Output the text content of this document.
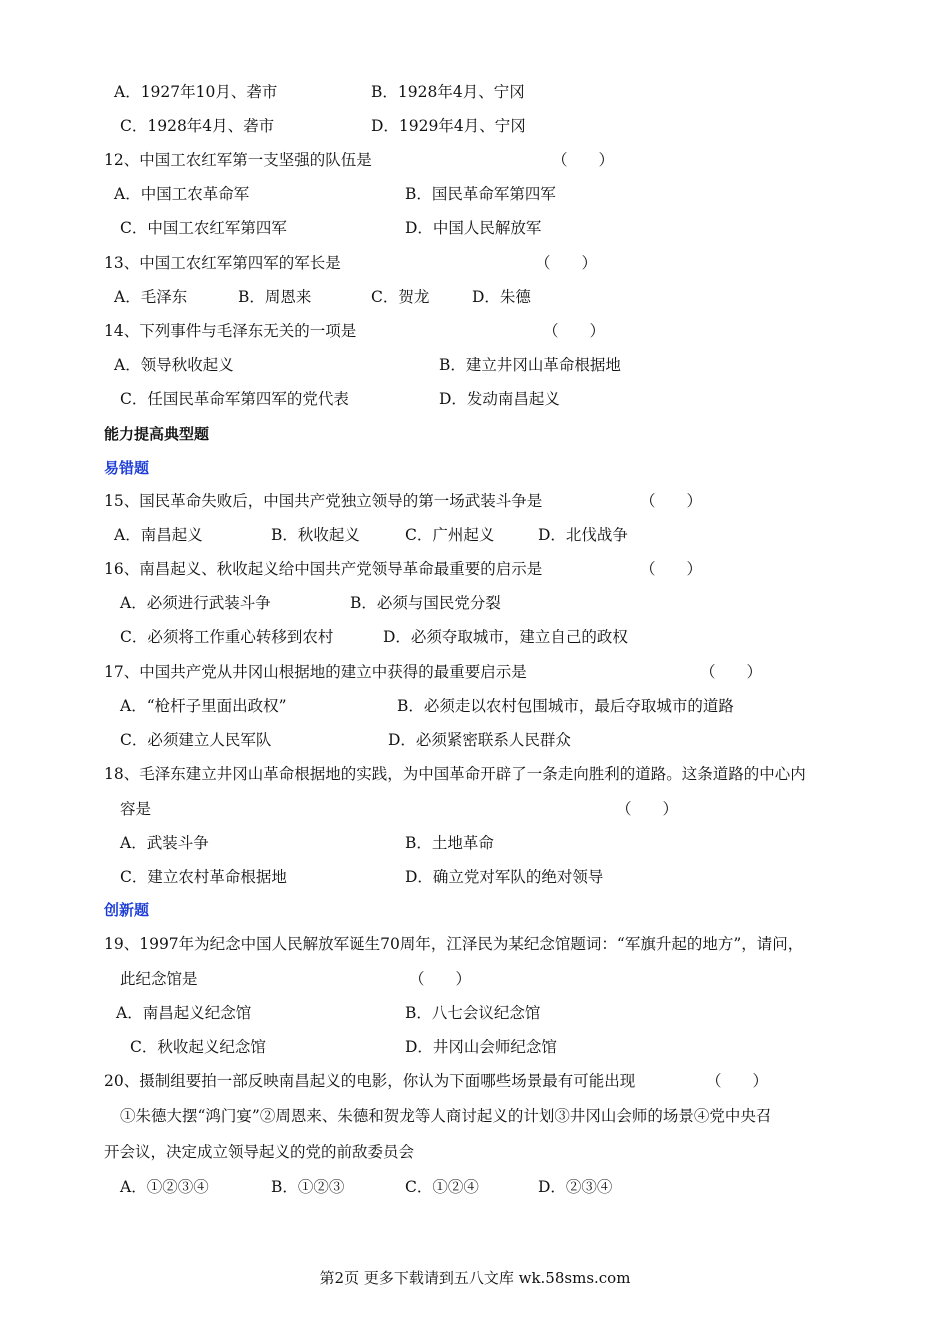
A．1927年10月、砻市	B．1928年4月、宁冈
C．1928年4月、砻市	D．1929年4月、宁冈
12、中国工农红军第一支坚强的队伍是	（　　）
A．中国工农革命军	B．国民革命军第四军
C．中国工农红军第四军	D．中国人民解放军
13、中国工农红军第四军的军长是	（　　）
A．毛泽东	B．周恩来	C．贺龙	D．朱德
14、下列事件与毛泽东无关的一项是	（　　）
A．领导秋收起义	B．建立井冈山革命根据地
C．任国民革命军第四军的党代表	D．发动南昌起义
能力提高典型题
易错题
15、国民革命失败后，中国共产党独立领导的第一场武装斗争是	（　　）
A．南昌起义	B．秋收起义	C．广州起义	D．北伐战争
16、南昌起义、秋收起义给中国共产党领导革命最重要的启示是	（　　）
A．必须进行武装斗争	B．必须与国民党分裂
C．必须将工作重心转移到农村	D．必须夺取城市，建立自己的政权
17、中国共产党从井冈山根据地的建立中获得的最重要启示是	（　　）
A．“枪杆子里面出政权”	B．必须走以农村包围城市，最后夺取城市的道路
C．必须建立人民军队	D．必须紧密联系人民群众
18、毛泽东建立井冈山革命根据地的实践，为中国革命开辟了一条走向胜利的道路。这条道路的中心内
容是	（　　）
A．武装斗争	B．土地革命
C．建立农村革命根据地	D．确立党对军队的绝对领导
创新题
19、1997年为纪念中国人民解放军诞生70周年，江泽民为某纪念馆题词：“军旗升起的地方”，请问，
此纪念馆是	（　　）
A．南昌起义纪念馆	B．八七会议纪念馆
C．秋收起义纪念馆	D．井冈山会师纪念馆
20、摄制组要拍一部反映南昌起义的电影，你认为下面哪些场景最有可能出现	（　　）
①朱德大摆“鸿门宴”②周恩来、朱德和贺龙等人商讨起义的计划③井冈山会师的场景④党中央召
开会议，决定成立领导起义的党的前敌委员会
A．①②③④	B．①②③	C．①②④	D．②③④
第2页 更多下载请到五八文库 wk.58sms.com
